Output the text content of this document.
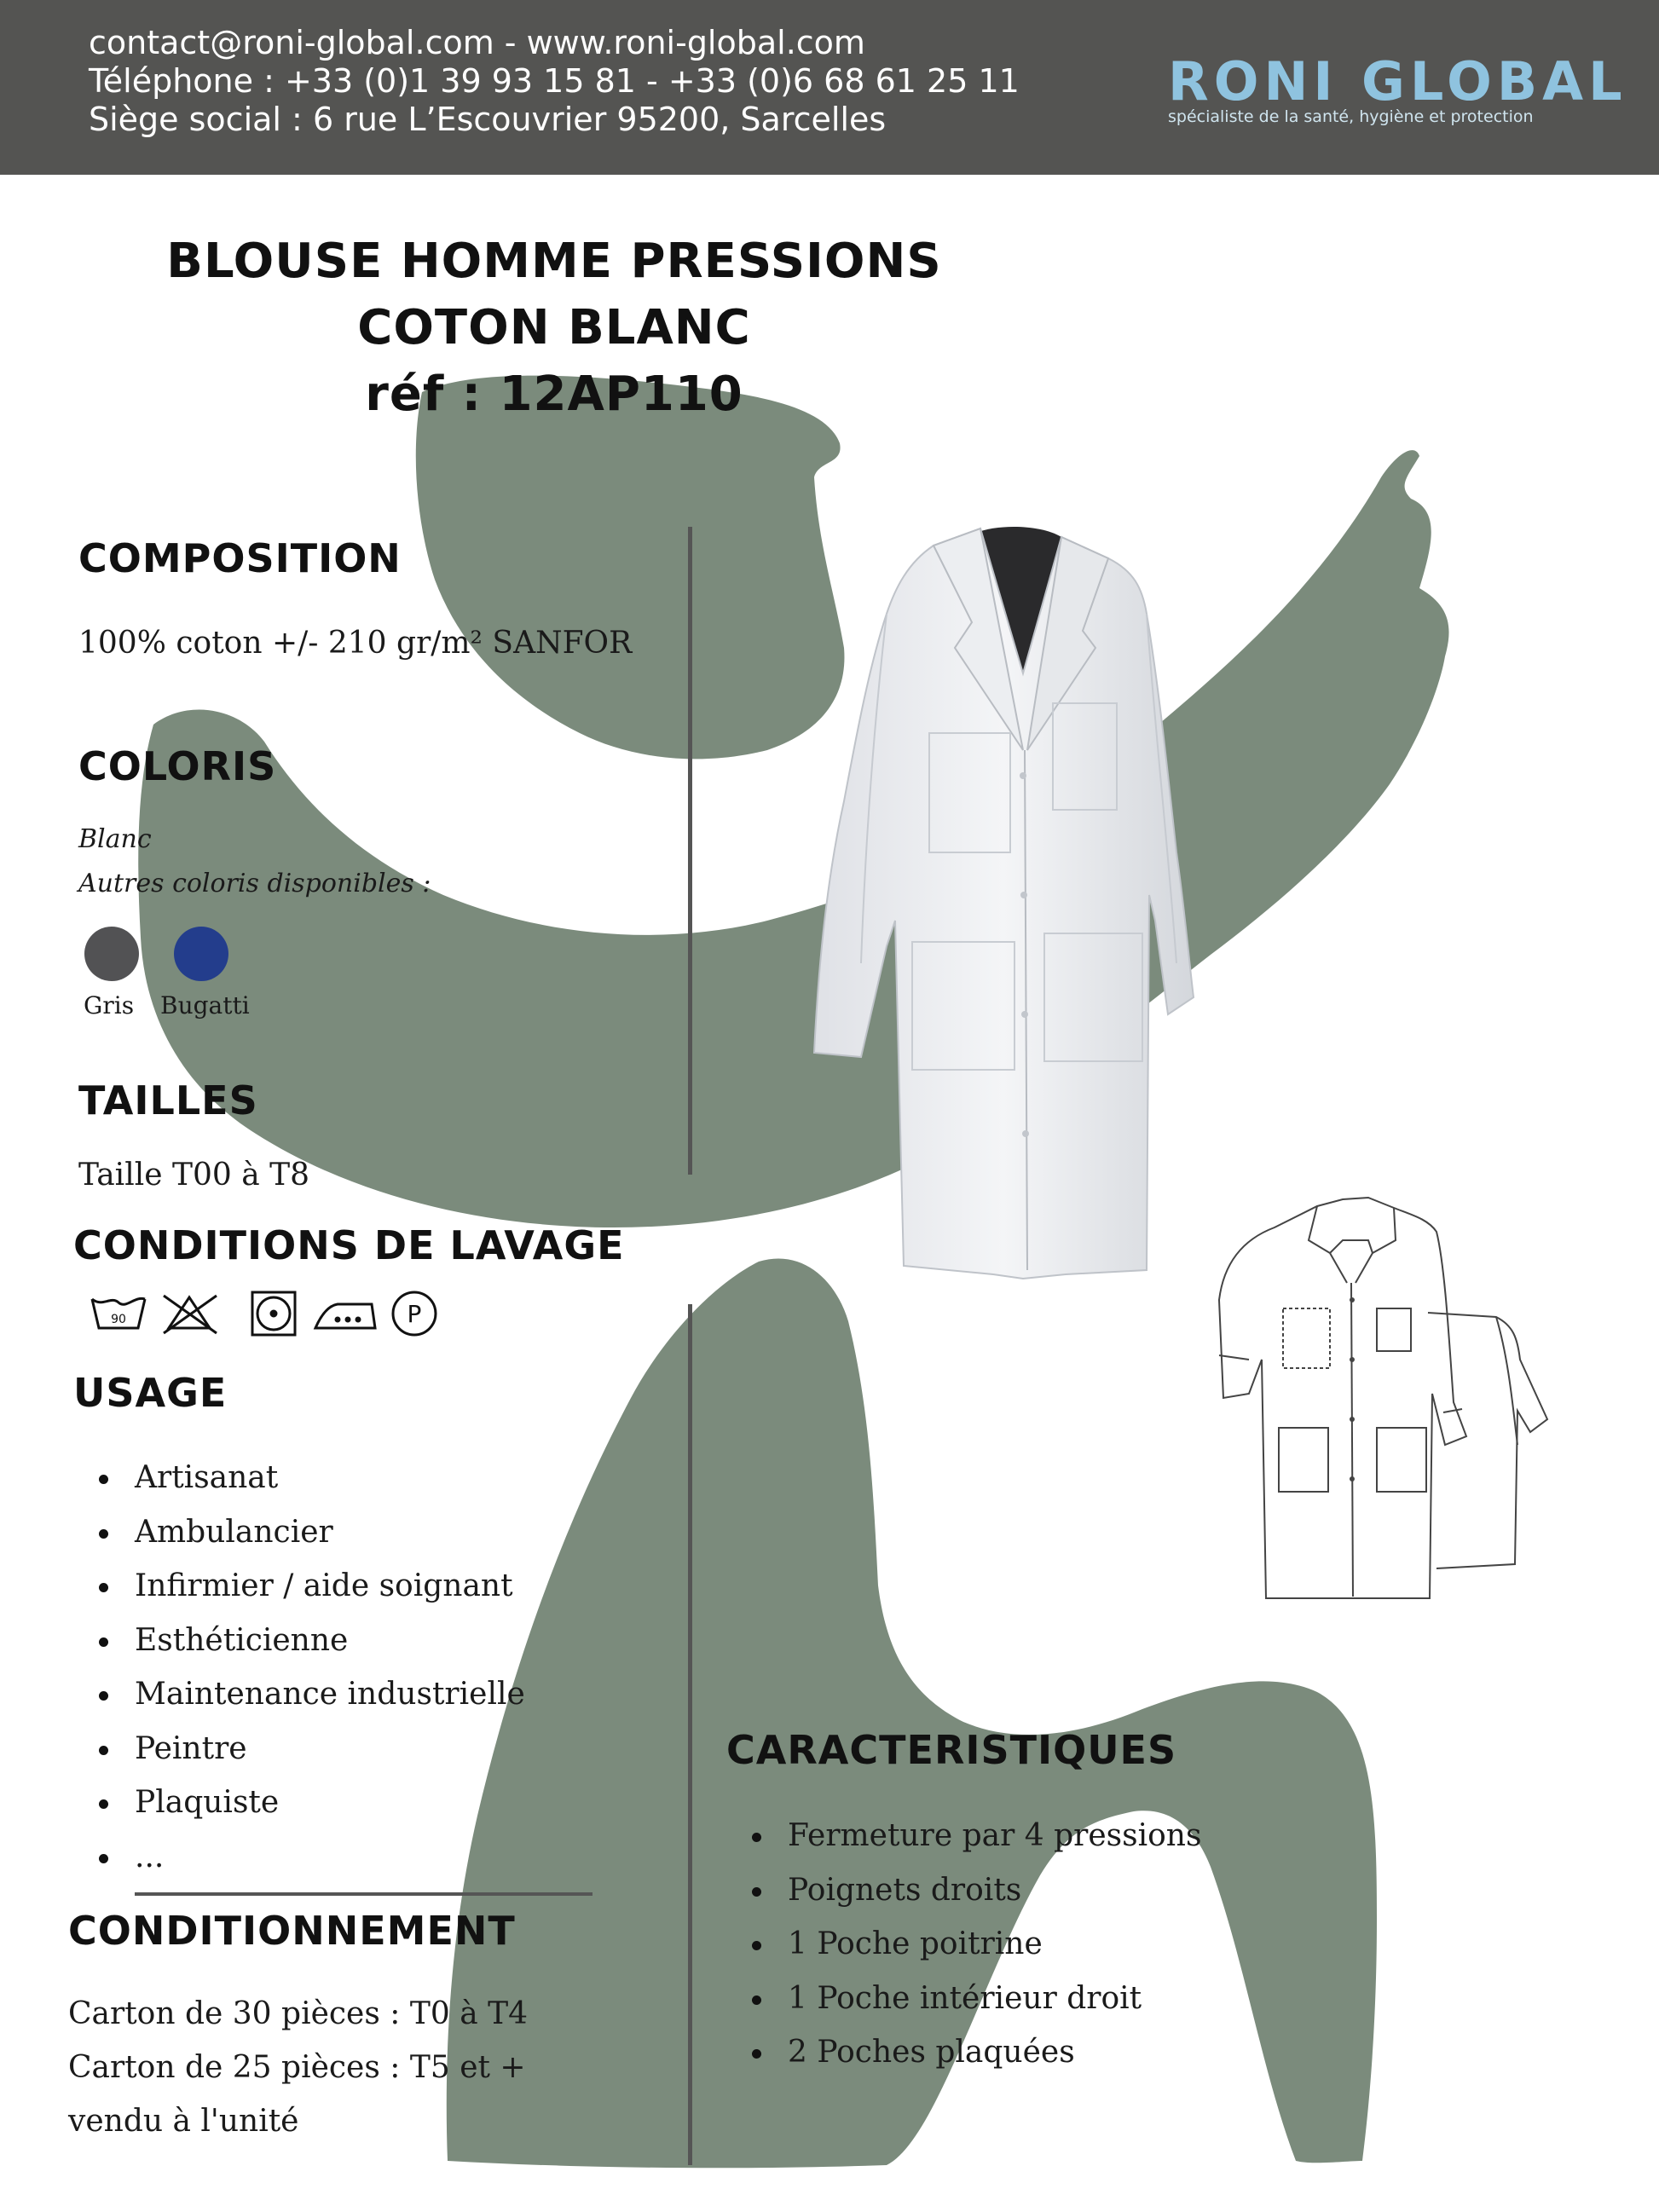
contact@roni-global.com - www.roni-global.com
Téléphone : +33 (0)1 39 93 15 81 - +33 (0)6 68 61 25 11
Siège social : 6 rue L’Escouvrier 95200, Sarcelles
RONI GLOBAL
spécialiste de la santé, hygiène et protection
BLOUSE HOMME PRESSIONS
COTON BLANC
réf : 12AP110
COMPOSITION
100% coton +/- 210 gr/m² SANFOR
COLORIS
Blanc
Autres coloris disponibles :
Gris Bugatti
TAILLES
Taille T00 à T8
CONDITIONS DE LAVAGE
90	P
USAGE
Artisanat
Ambulancier
Infirmier / aide soignant
Esthéticienne
Maintenance industrielle
Peintre
Plaquiste
...
CONDITIONNEMENT
Carton de 30 pièces : T0 à T4
Carton de 25 pièces : T5 et +
vendu à l'unité
CARACTERISTIQUES
Fermeture par 4 pressions
Poignets droits
1 Poche poitrine
1 Poche intérieur droit
2 Poches plaquées
